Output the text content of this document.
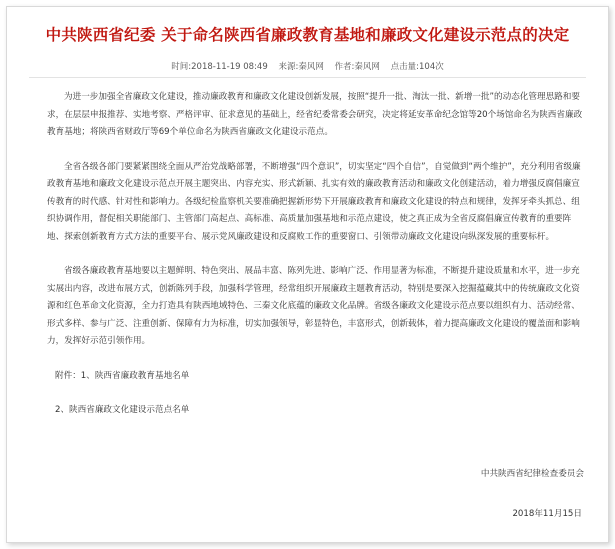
中共陕西省纪委 关于命名陕西省廉政教育基地和廉政文化建设示范点的决定
时间:2018-11-19 08:49 来源:秦风网 作者:秦风网 点击量:104次

为进一步加强全省廉政文化建设，推动廉政教育和廉政文化建设创新发展，按照“提升一批、淘汰一批、新增一批”的动态化管理思路和要求，在层层申报推荐、实地考察、严格评审、征求意见的基础上，经省纪委常委会研究，决定将延安革命纪念馆等20个场馆命名为陕西省廉政教育基地；将陕西省财政厅等69个单位命名为陕西省廉政文化建设示范点。

全省各级各部门要紧紧围绕全面从严治党战略部署，不断增强“四个意识”，切实坚定“四个自信”，自觉做到“两个维护”，充分利用省级廉政教育基地和廉政文化建设示范点开展主题突出、内容充实、形式新颖、扎实有效的廉政教育活动和廉政文化创建活动，着力增强反腐倡廉宣传教育的时代感、针对性和影响力。各级纪检监察机关要准确把握新形势下开展廉政教育和廉政文化建设的特点和规律，发挥牙牵头抓总、组织协调作用，督促相关职能部门、主管部门高起点、高标准、高质量加强基地和示范点建设，使之真正成为全省反腐倡廉宣传教育的重要阵地、探索创新教育方式方法的重要平台、展示党风廉政建设和反腐败工作的重要窗口、引领带动廉政文化建设向纵深发展的重要标杆。

省级各廉政教育基地要以主题鲜明、特色突出、展品丰富、陈列先进、影响广泛、作用显著为标准，不断提升建设质量和水平，进一步充实展出内容，改进布展方式，创新陈列手段，加强科学管理，经常组织开展廉政主题教育活动，特别是要深入挖掘蕴藏其中的传统廉政文化资源和红色革命文化资源，全力打造具有陕西地域特色、三秦文化底蕴的廉政文化品牌。省级各廉政文化建设示范点要以组织有力、活动经常、形式多样、参与广泛、注重创新、保障有力为标准，切实加强领导，彰显特色，丰富形式，创新载体，着力提高廉政文化建设的覆盖面和影响力，发挥好示范引领作用。

附件：1、陕西省廉政教育基地名单

2、陕西省廉政文化建设示范点名单

中共陕西省纪律检查委员会
2018年11月15日
